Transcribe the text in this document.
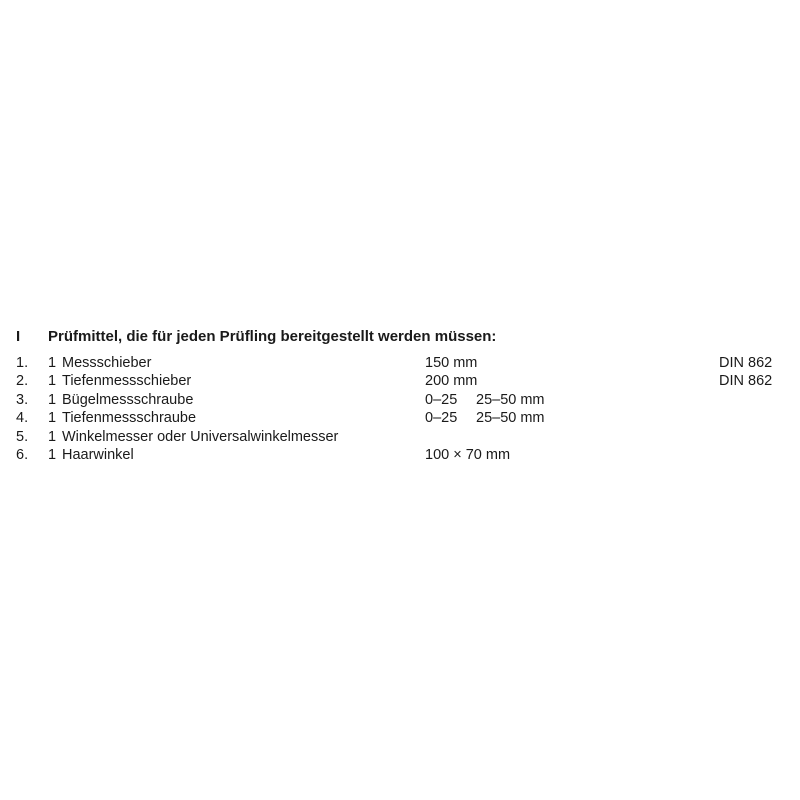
I Prüfmittel, die für jeden Prüfling bereitgestellt werden müssen:
1. 1 Messschieber	150 mm	DIN 862
2. 1 Tiefenmessschieber	200 mm	DIN 862
3. 1 Bügelmessschraube	0–25 25–50 mm
4. 1 Tiefenmessschraube	0–25 25–50 mm
5. 1 Winkelmesser oder Universalwinkelmesser
6. 1 Haarwinkel	100 × 70 mm
